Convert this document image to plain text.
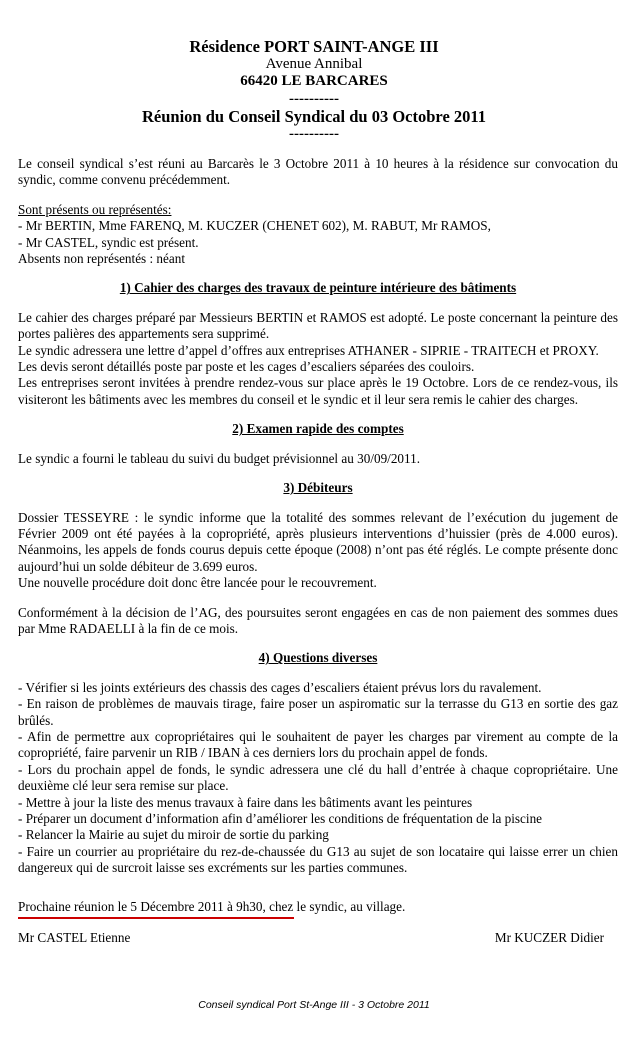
Résidence PORT SAINT-ANGE III
Avenue Annibal
66420 LE BARCARES
----------
Réunion du Conseil Syndical du 03 Octobre 2011
----------

Le conseil syndical s’est réuni au Barcarès le 3 Octobre 2011 à 10 heures à la résidence sur convocation du syndic, comme convenu précédemment.

Sont présents ou représentés:

- Mr BERTIN, Mme FARENQ, M. KUCZER (CHENET 602), M. RABUT, Mr RAMOS,

- Mr CASTEL, syndic est présent.

Absents non représentés : néant

1) Cahier des charges des travaux de peinture intérieure des bâtiments

Le cahier des charges préparé par Messieurs BERTIN et RAMOS est adopté. Le poste concernant la peinture des portes palières des appartements sera supprimé.

Le syndic adressera une lettre d’appel d’offres aux entreprises ATHANER - SIPRIE - TRAITECH et PROXY.

Les devis seront détaillés poste par poste et les cages d’escaliers séparées des couloirs.

Les entreprises seront invitées à prendre rendez-vous sur place après le 19 Octobre. Lors de ce rendez-vous, ils visiteront les bâtiments avec les membres du conseil et le syndic et il leur sera remis le cahier des charges.

2) Examen rapide des comptes

Le syndic a fourni le tableau du suivi du budget prévisionnel au 30/09/2011.

3) Débiteurs

Dossier TESSEYRE : le syndic informe que la totalité des sommes relevant de l’exécution du jugement de Février 2009 ont été payées à la copropriété, après plusieurs interventions d’huissier (près de 4.000 euros). Néanmoins, les appels de fonds courus depuis cette époque (2008) n’ont pas été réglés. Le compte présente donc aujourd’hui un solde débiteur de 3.699 euros.

Une nouvelle procédure doit donc être lancée pour le recouvrement.

Conformément à la décision de l’AG, des poursuites seront engagées en cas de non paiement des sommes dues par Mme RADAELLI à la fin de ce mois.

4) Questions diverses

- Vérifier si les joints extérieurs des chassis des cages d’escaliers étaient prévus lors du ravalement.

- En raison de problèmes de mauvais tirage, faire poser un aspiromatic sur la terrasse du G13 en sortie des gaz brûlés.

- Afin de permettre aux copropriétaires qui le souhaitent de payer les charges par virement au compte de la copropriété, faire parvenir un RIB / IBAN à ces derniers lors du prochain appel de fonds.

- Lors du prochain appel de fonds, le syndic adressera une clé du hall d’entrée à chaque copropriétaire. Une deuxième clé leur sera remise sur place.

- Mettre à jour la liste des menus travaux à faire dans les bâtiments avant les peintures

- Préparer un document d’information afin d’améliorer les conditions de fréquentation de la piscine

- Relancer la Mairie au sujet du miroir de sortie du parking

- Faire un courrier au propriétaire du rez-de-chaussée du G13 au sujet de son locataire qui laisse errer un chien dangereux qui de surcroit laisse ses excréments sur les parties communes.

Prochaine réunion le 5 Décembre 2011 à 9h30, chez le syndic, au village.

Mr CASTEL Etienne	Mr KUCZER Didier
Conseil syndical Port St-Ange III - 3 Octobre 2011
